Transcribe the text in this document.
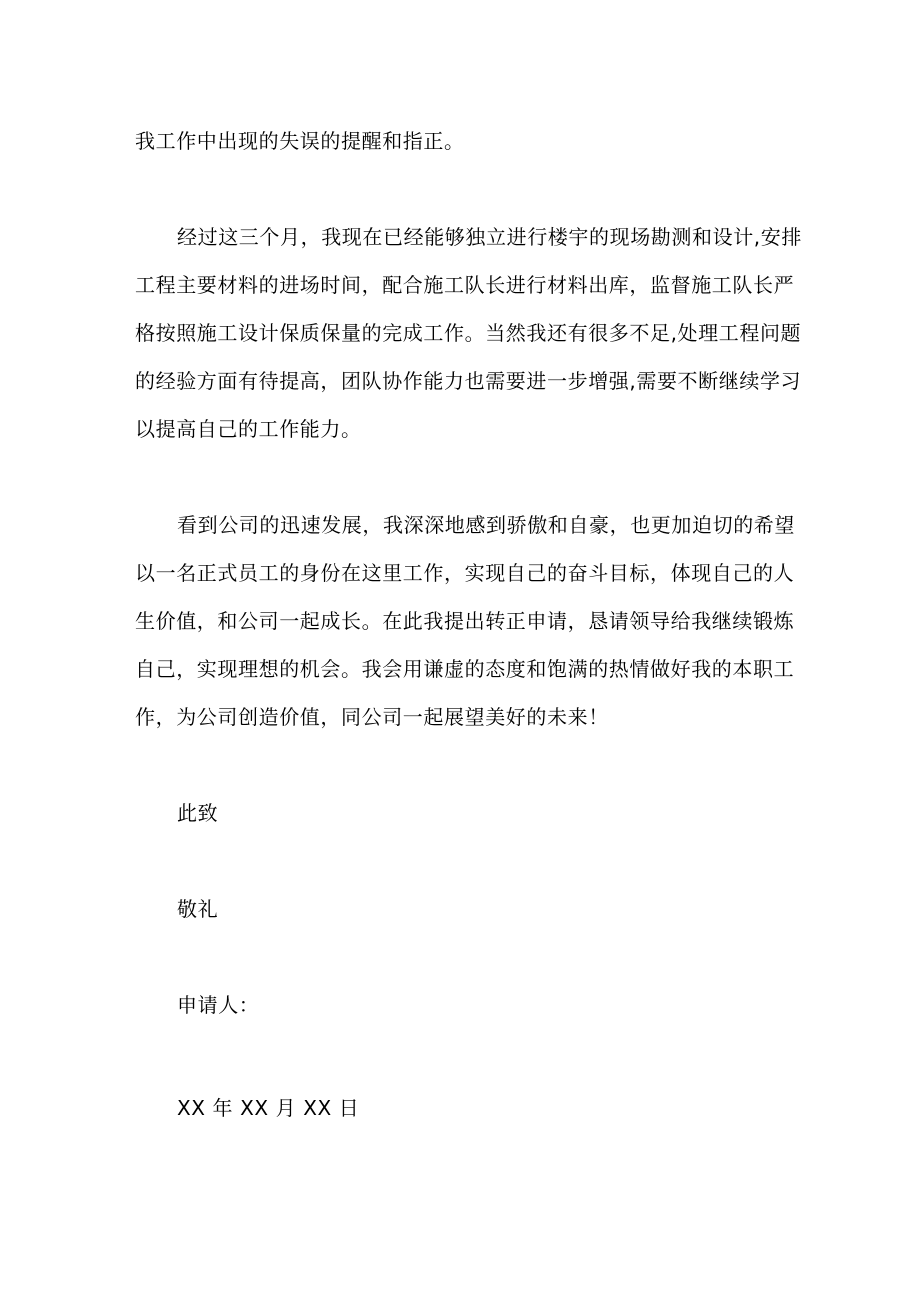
我工作中出现的失误的提醒和指正。
经过这三个月，我现在已经能够独立进行楼宇的现场勘测和设计,安排
工程主要材料的进场时间，配合施工队长进行材料出库，监督施工队长严
格按照施工设计保质保量的完成工作。当然我还有很多不足,处理工程问题
的经验方面有待提高，团队协作能力也需要进一步增强,需要不断继续学习
以提高自己的工作能力。
看到公司的迅速发展，我深深地感到骄傲和自豪，也更加迫切的希望
以一名正式员工的身份在这里工作，实现自己的奋斗目标，体现自己的人
生价值，和公司一起成长。在此我提出转正申请，恳请领导给我继续锻炼
自己，实现理想的机会。我会用谦虚的态度和饱满的热情做好我的本职工
作，为公司创造价值，同公司一起展望美好的未来！
此致
敬礼
申请人：
XX 年 XX 月 XX 日
